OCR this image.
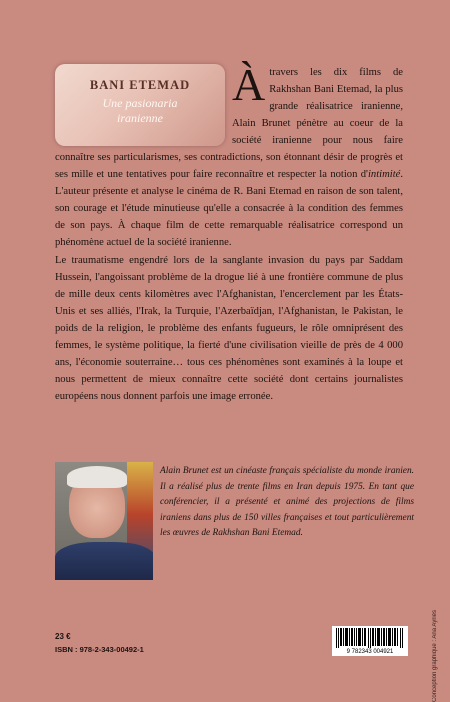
Àtravers les dix films de Rakhshan Bani Etemad, la plus grande réalisatrice iranienne, Alain Brunet pénètre au coeur de la société iranienne pour nous faire connaître ses particularismes, ses contradictions, son étonnant désir de progrès et ses mille et une tentatives pour faire reconnaître et respecter la notion d'intimité. L'auteur présente et analyse le cinéma de R. Bani Etemad en raison de son talent, son courage et l'étude minutieuse qu'elle a consacrée à la condition des femmes de son pays. À chaque film de cette remarquable réalisatrice correspond un phénomène actuel de la société iranienne.

BANI ETEMAD
Une pasionaria
iranienne

Le traumatisme engendré lors de la sanglante invasion du pays par Saddam Hussein, l'angoissant problème de la drogue lié à une frontière commune de plus de mille deux cents kilomètres avec l'Afghanistan, l'encerclement par les États-Unis et ses alliés, l'Irak, la Turquie, l'Azerbaïdjan, l'Afghanistan, le Pakistan, le poids de la religion, le problème des enfants fugueurs, le rôle omniprésent des femmes, le système politique, la fierté d'une civilisation vieille de près de 4 000 ans, l'économie souterraine… tous ces phénomènes sont examinés à la loupe et nous permettent de mieux connaître cette société dont certains journalistes européens nous donnent parfois une image erronée.

Alain Brunet est un cinéaste français spécialiste du monde iranien. Il a réalisé plus de trente films en Iran depuis 1975. En tant que conférencier, il a présenté et animé des projections de films iraniens dans plus de 150 villes françaises et tout particulièrement les œuvres de Rakhshan Bani Etemad.

Conception graphique : Ana Ayriès
23 €
ISBN : 978-2-343-00492-1	9 782343 004921
